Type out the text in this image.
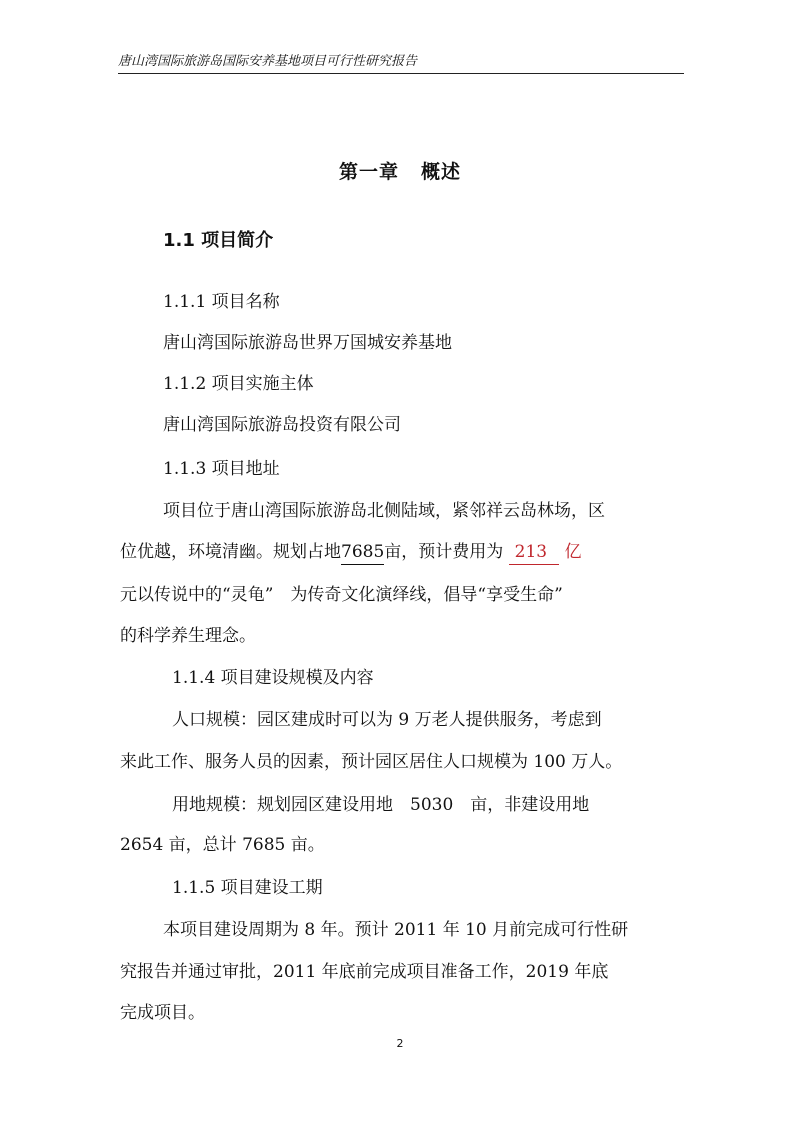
唐山湾国际旅游岛国际安养基地项目可行性研究报告
第一章 概述
1.1 项目简介
1.1.1 项目名称
唐山湾国际旅游岛世界万国城安养基地
1.1.2 项目实施主体
唐山湾国际旅游岛投资有限公司
1.1.3 项目地址
项目位于唐山湾国际旅游岛北侧陆域，紧邻祥云岛林场，区
位优越，环境清幽。规划占地7685亩，预计费用为 213 亿
元以传说中的“灵龟”　为传奇文化演绎线，倡导“享受生命”
的科学养生理念。
1.1.4 项目建设规模及内容
人口规模：园区建成时可以为 9 万老人提供服务，考虑到
来此工作、服务人员的因素，预计园区居住人口规模为 100 万人。
用地规模：规划园区建设用地　5030　亩，非建设用地
2654 亩，总计 7685 亩。
1.1.5 项目建设工期
本项目建设周期为 8 年。预计 2011 年 10 月前完成可行性研
究报告并通过审批，2011 年底前完成项目准备工作，2019 年底
完成项目。
2
